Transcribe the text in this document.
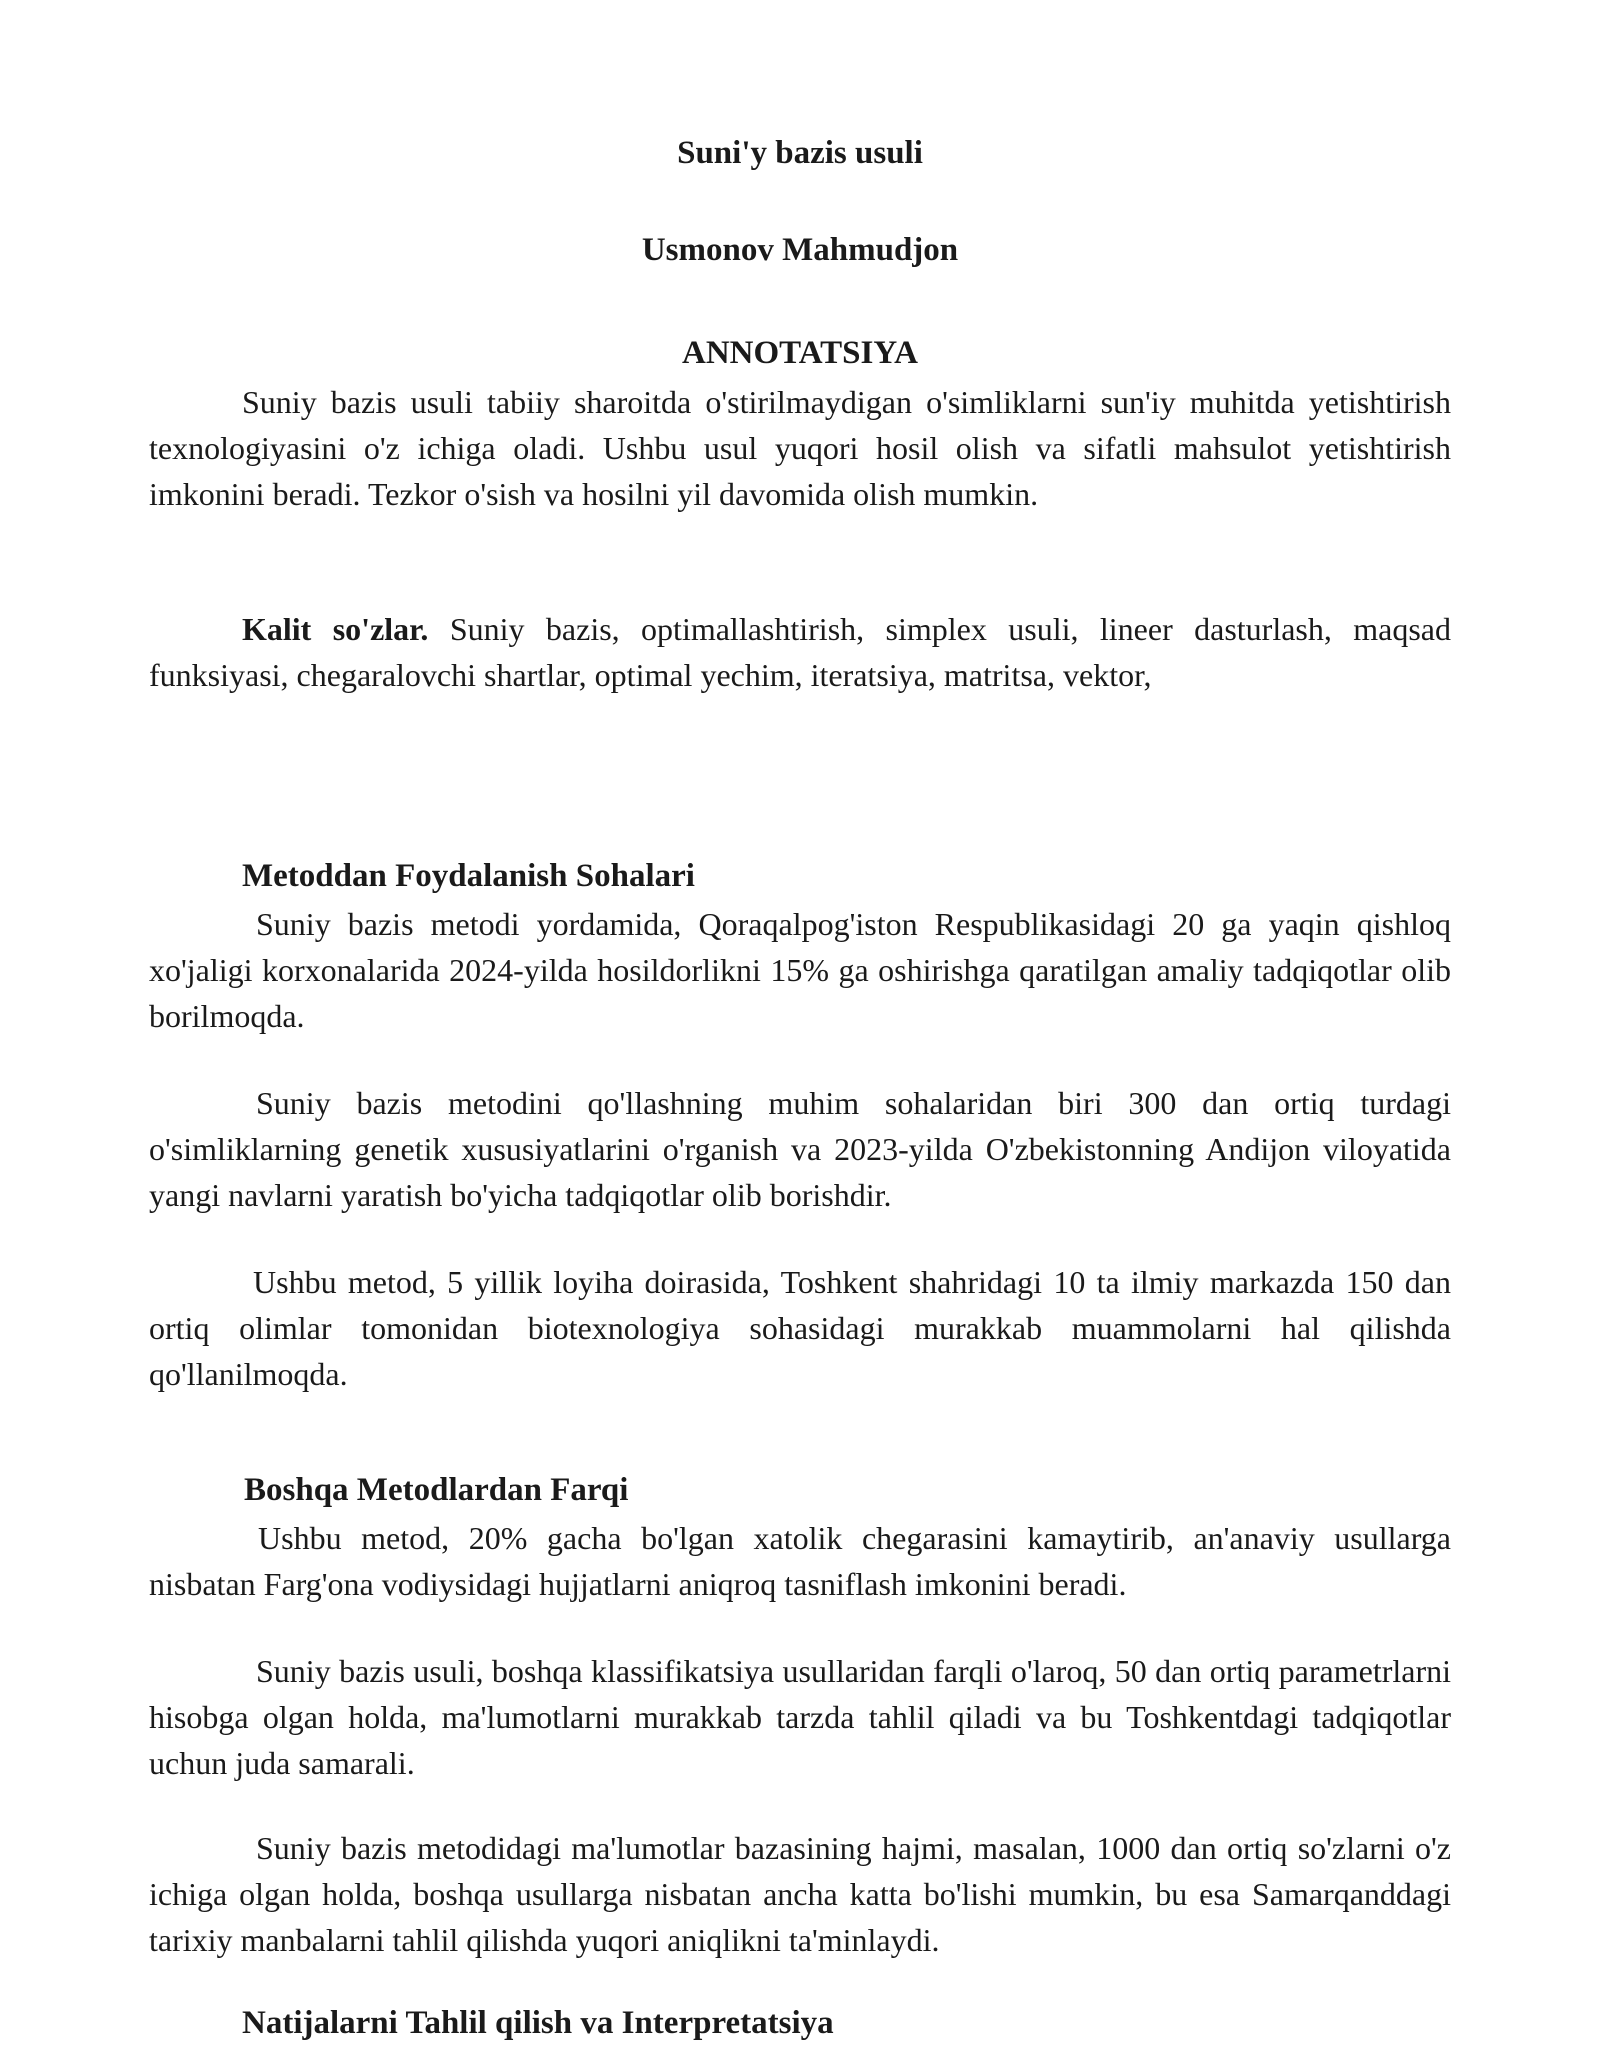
Suni'y bazis usuli
Usmonov Mahmudjon
ANNOTATSIYA

Suniy bazis usuli tabiiy sharoitda o'stirilmaydigan o'simliklarni sun'iy muhitda yetishtirish texnologiyasini o'z ichiga oladi. Ushbu usul yuqori hosil olish va sifatli mahsulot yetishtirish imkonini beradi. Tezkor o'sish va hosilni yil davomida olish mumkin.

Kalit so'zlar. Suniy bazis, optimallashtirish, simplex usuli, lineer dasturlash, maqsad funksiyasi, chegaralovchi shartlar, optimal yechim, iteratsiya, matritsa, vektor,

Metoddan Foydalanish Sohalari

Suniy bazis metodi yordamida, Qoraqalpog'iston Respublikasidagi 20 ga yaqin qishloq xo'jaligi korxonalarida 2024-yilda hosildorlikni 15% ga oshirishga qaratilgan amaliy tadqiqotlar olib borilmoqda.

Suniy bazis metodini qo'llashning muhim sohalaridan biri 300 dan ortiq turdagi o'simliklarning genetik xususiyatlarini o'rganish va 2023-yilda O'zbekistonning Andijon viloyatida yangi navlarni yaratish bo'yicha tadqiqotlar olib borishdir.

Ushbu metod, 5 yillik loyiha doirasida, Toshkent shahridagi 10 ta ilmiy markazda 150 dan ortiq olimlar tomonidan biotexnologiya sohasidagi murakkab muammolarni hal qilishda qo'llanilmoqda.

Boshqa Metodlardan Farqi

Ushbu metod, 20% gacha bo'lgan xatolik chegarasini kamaytirib, an'anaviy usullarga nisbatan Farg'ona vodiysidagi hujjatlarni aniqroq tasniflash imkonini beradi.

Suniy bazis usuli, boshqa klassifikatsiya usullaridan farqli o'laroq, 50 dan ortiq parametrlarni hisobga olgan holda, ma'lumotlarni murakkab tarzda tahlil qiladi va bu Toshkentdagi tadqiqotlar uchun juda samarali.

Suniy bazis metodidagi ma'lumotlar bazasining hajmi, masalan, 1000 dan ortiq so'zlarni o'z ichiga olgan holda, boshqa usullarga nisbatan ancha katta bo'lishi mumkin, bu esa Samarqanddagi tarixiy manbalarni tahlil qilishda yuqori aniqlikni ta'minlaydi.

Natijalarni Tahlil qilish va Interpretatsiya
